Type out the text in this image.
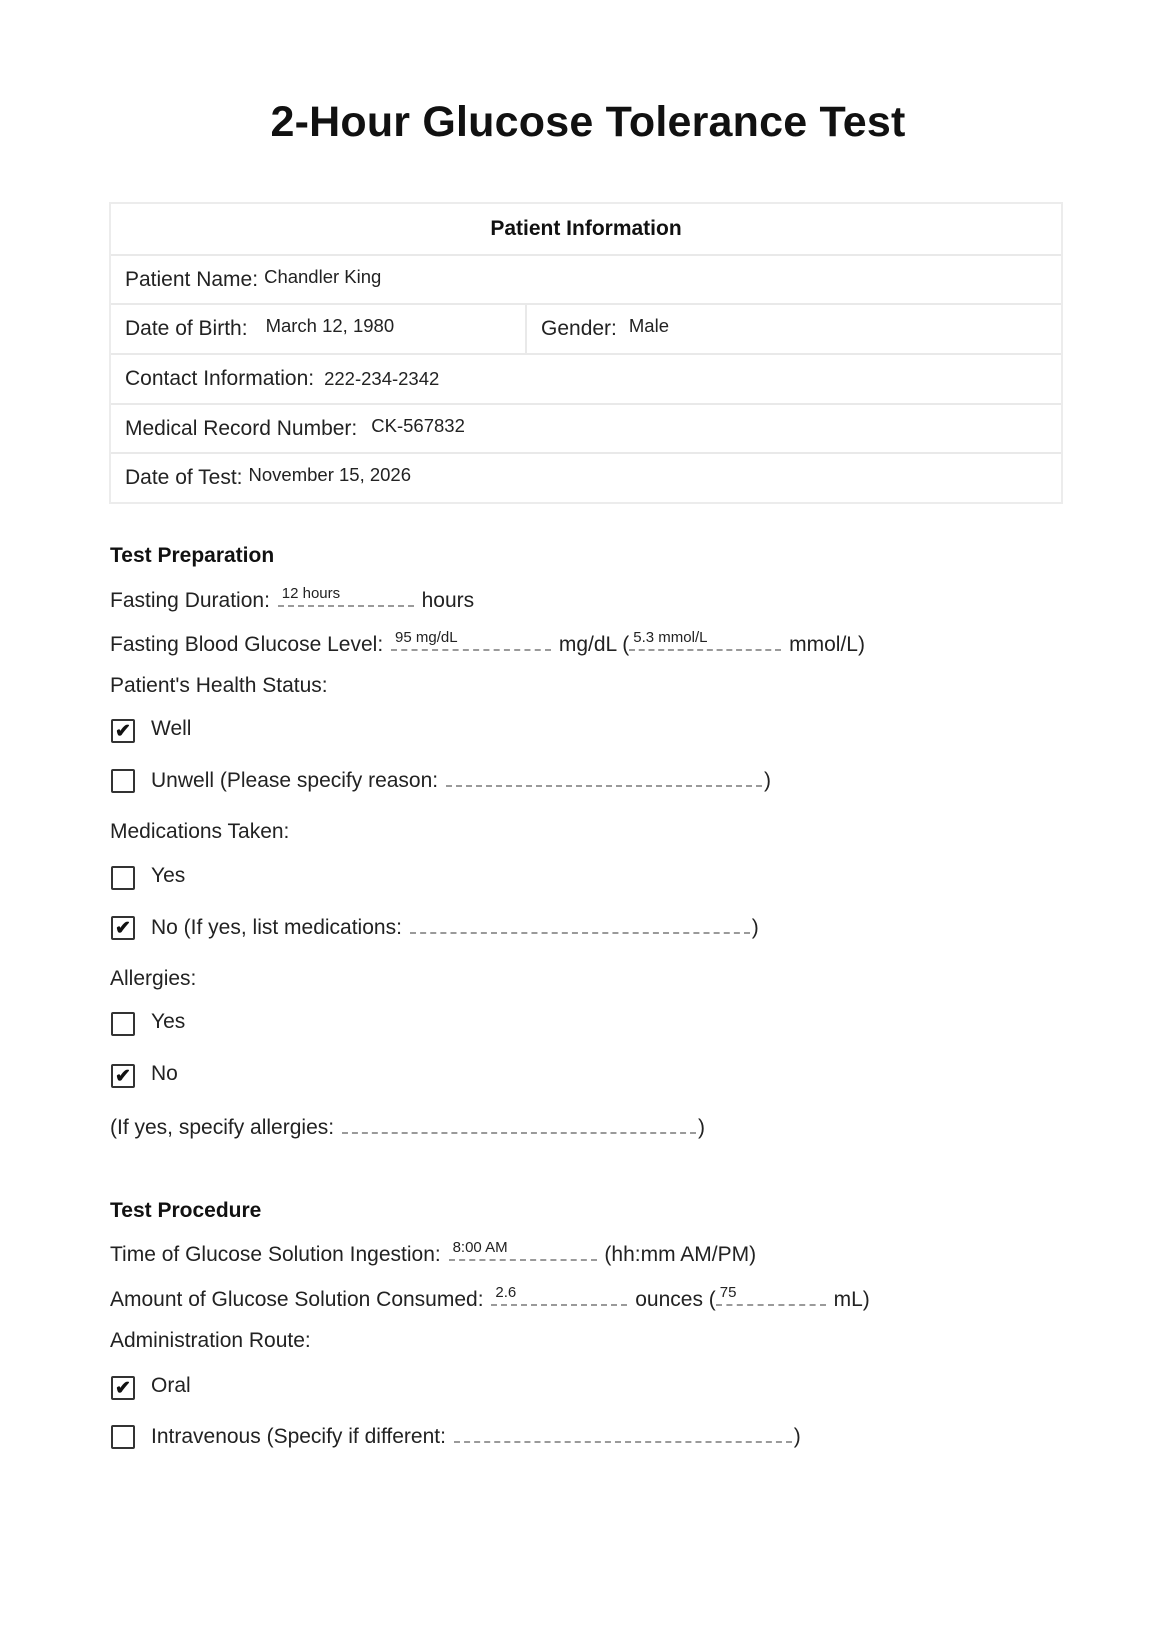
2-Hour Glucose Tolerance Test
Patient Information
Patient Name: Chandler King
Date of Birth: March 12, 1980	Gender: Male
Contact Information: 222-234-2342
Medical Record Number: CK-567832
Date of Test: November 15, 2026
Test Preparation
Fasting Duration: 12 hours	hours
Fasting Blood Glucose Level: 95 mg/dL	mg/dL ( 5.3 mmol/L	mmol/L)
Patient's Health Status:
✔ Well
Unwell (Please specify reason:	)
Medications Taken:
Yes
✔ No (If yes, list medications:	)
Allergies:
Yes
✔ No
(If yes, specify allergies:	)
Test Procedure
Time of Glucose Solution Ingestion: 8:00 AM	(hh:mm AM/PM)
Amount of Glucose Solution Consumed: 2.6	ounces ( 75	mL)
Administration Route:
✔ Oral
Intravenous (Specify if different:	)
